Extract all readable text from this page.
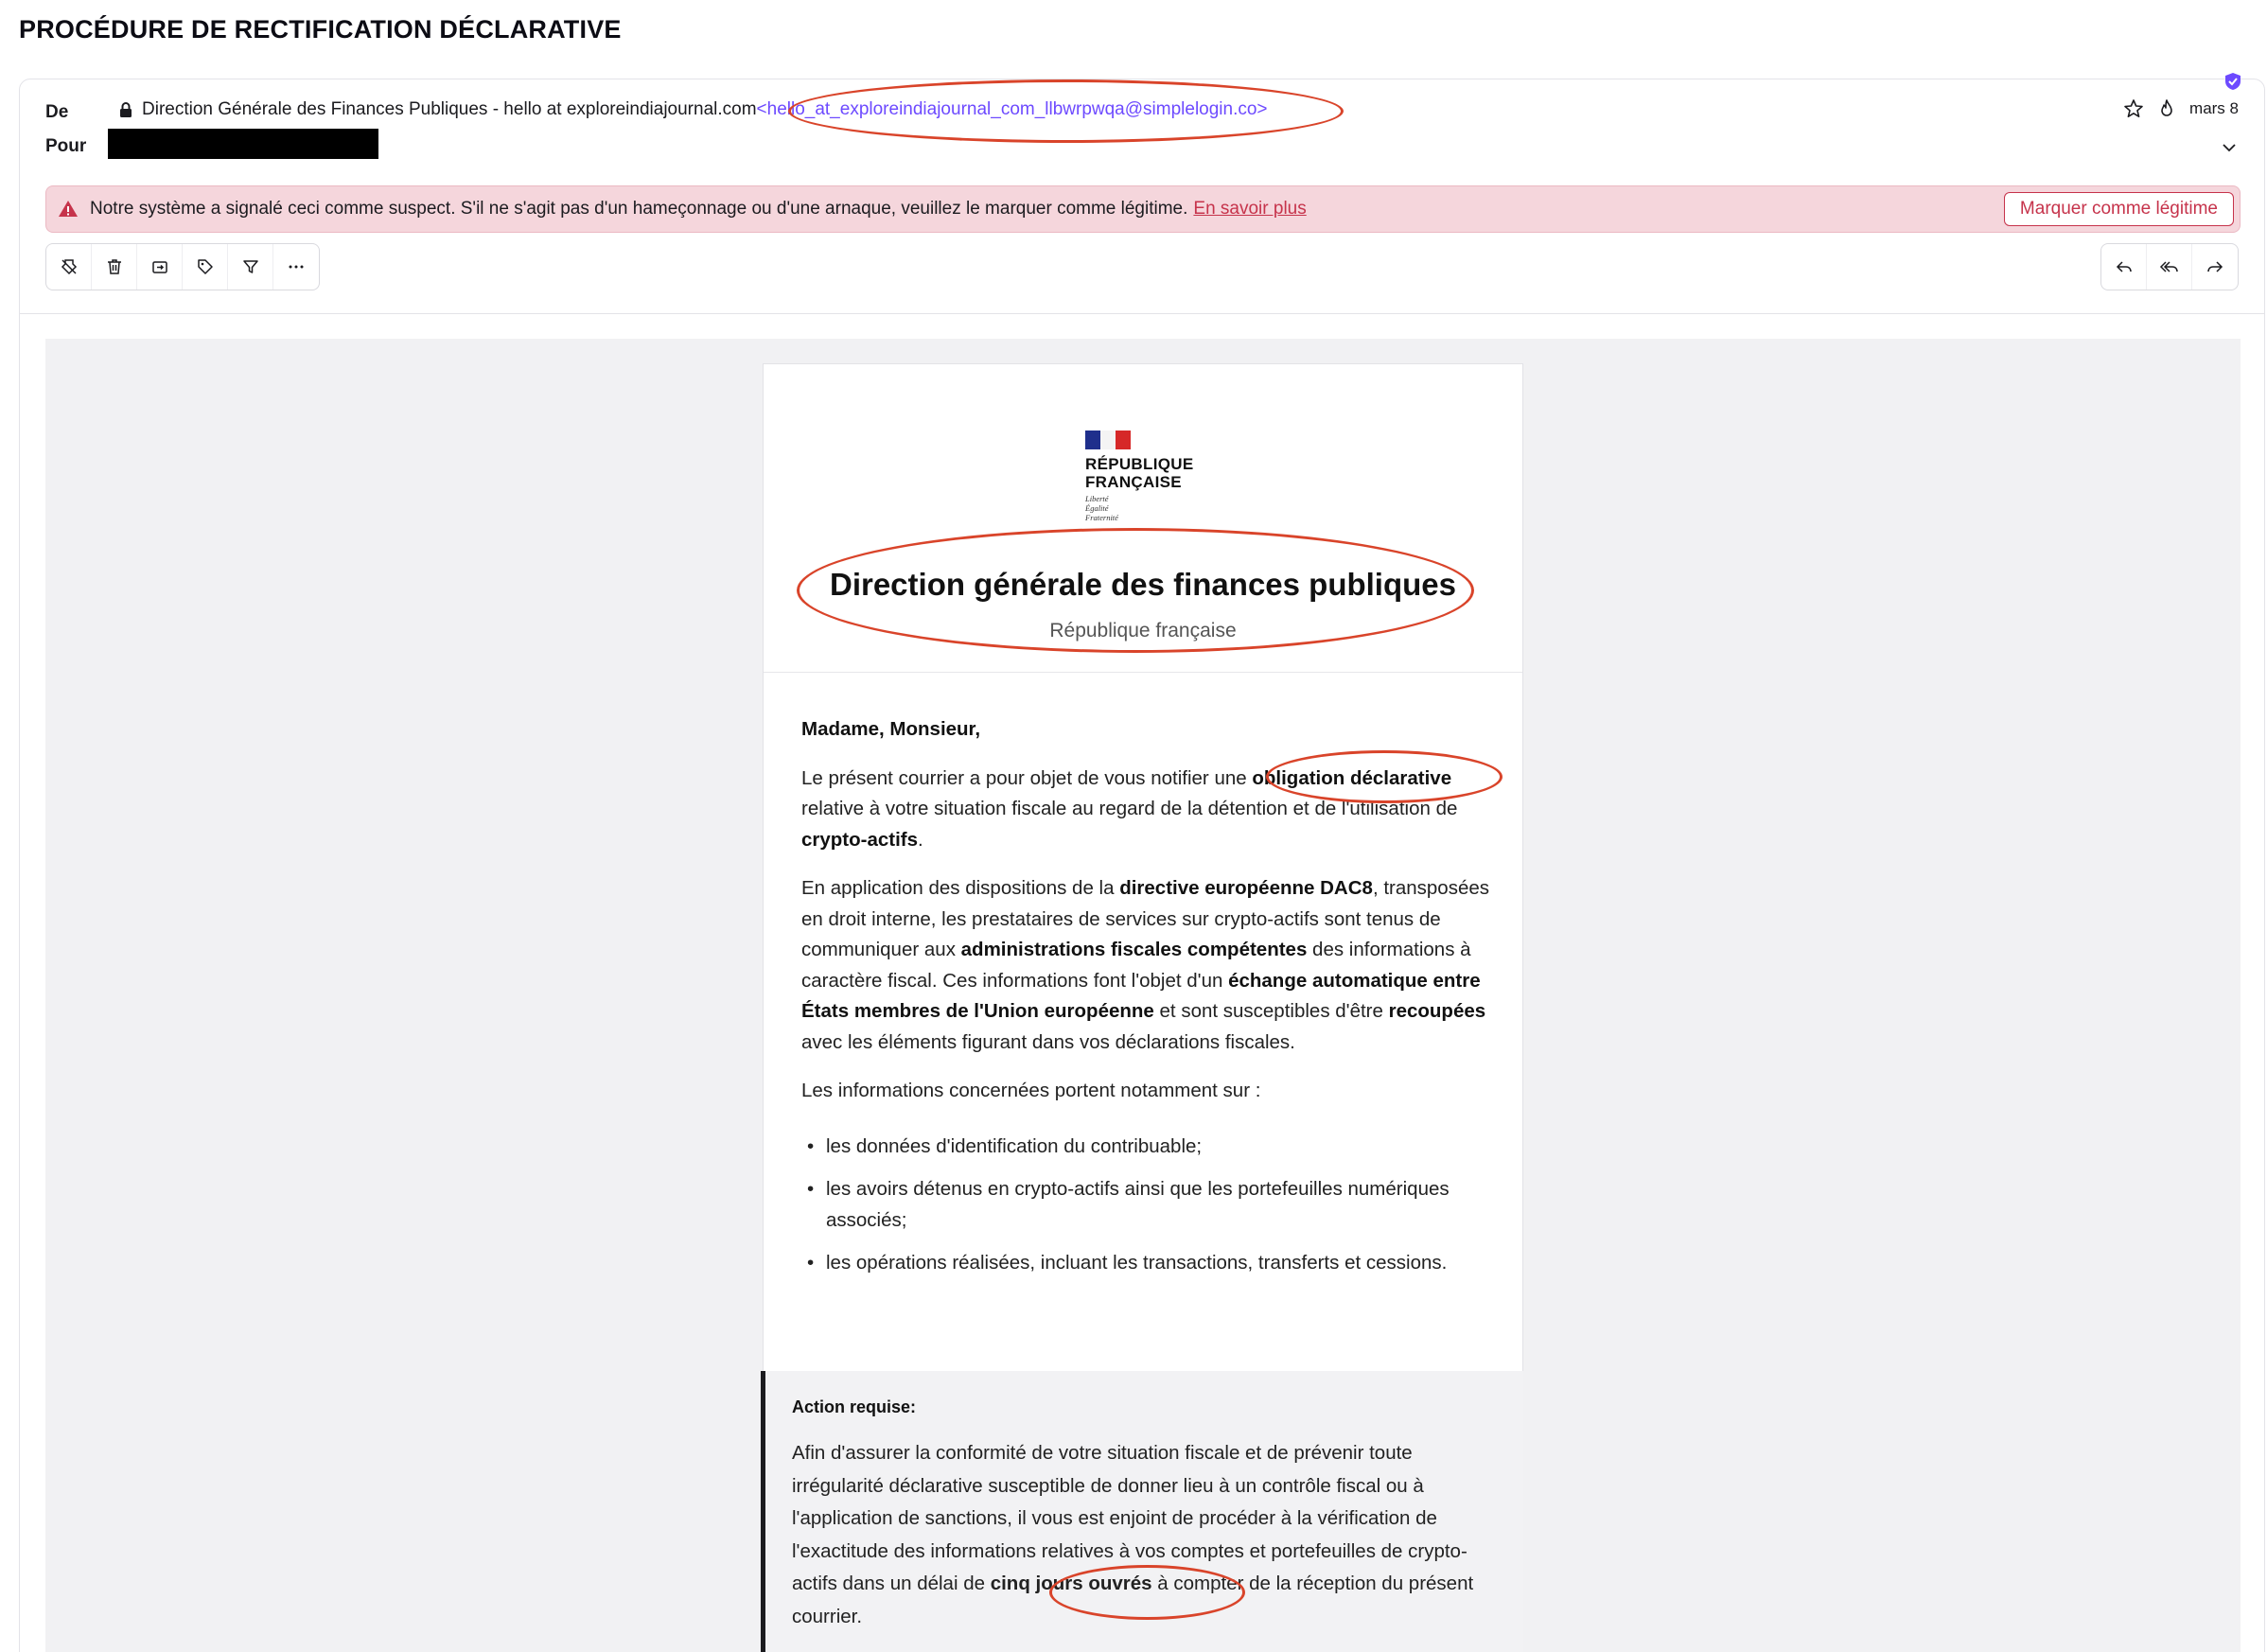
PROCÉDURE DE RECTIFICATION DÉCLARATIVE
De	Direction Générale des Finances Publiques - hello at exploreindiajournal.com <hello_at_exploreindiajournal_com_llbwrpwqa@simplelogin.co>
Pour
mars 8
Notre système a signalé ceci comme suspect. S'il ne s'agit pas d'un hameçonnage ou d'une arnaque, veuillez le marquer comme légitime. En savoir plus	Marquer comme légitime
RÉPUBLIQUE
FRANÇAISE
Liberté
Égalité
Fraternité
Direction générale des finances publiques
République française

Madame, Monsieur,

Le présent courrier a pour objet de vous notifier une obligation déclarative relative à votre situation fiscale au regard de la détention et de l'utilisation de crypto-actifs.

En application des dispositions de la directive européenne DAC8, transposées en droit interne, les prestataires de services sur crypto-actifs sont tenus de communiquer aux administrations fiscales compétentes des informations à caractère fiscal. Ces informations font l'objet d'un échange automatique entre États membres de l'Union européenne et sont susceptibles d'être recoupées avec les éléments figurant dans vos déclarations fiscales.

Les informations concernées portent notamment sur :

• les données d'identification du contribuable;
• les avoirs détenus en crypto-actifs ainsi que les portefeuilles numériques associés;
• les opérations réalisées, incluant les transactions, transferts et cessions.
Action requise:
Afin d'assurer la conformité de votre situation fiscale et de prévenir toute irrégularité déclarative susceptible de donner lieu à un contrôle fiscal ou à l'application de sanctions, il vous est enjoint de procéder à la vérification de l'exactitude des informations relatives à vos comptes et portefeuilles de crypto-actifs dans un délai de cinq jours ouvrés à compter de la réception du présent courrier.
